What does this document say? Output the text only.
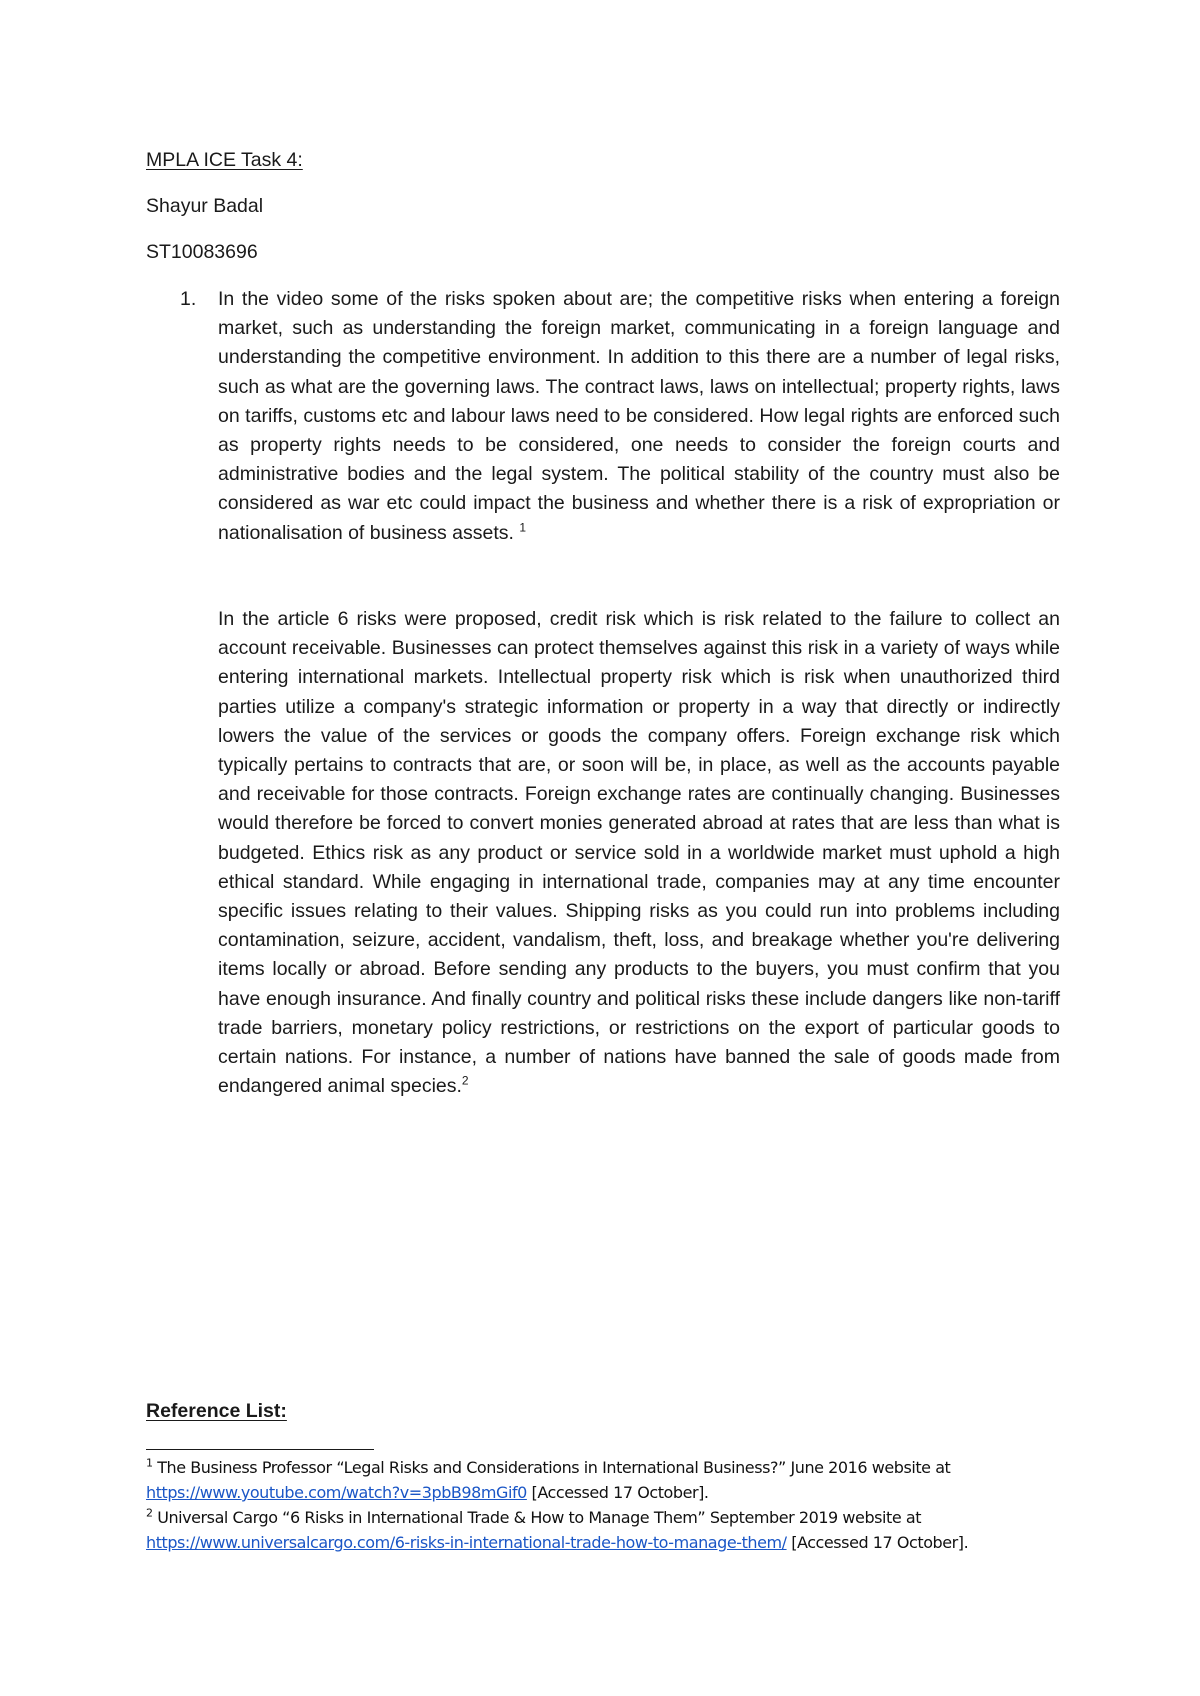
MPLA ICE Task 4:
Shayur Badal
ST10083696
1. In the video some of the risks spoken about are; the competitive risks when entering a foreign market, such as understanding the foreign market, communicating in a foreign language and understanding the competitive environment. In addition to this there are a number of legal risks, such as what are the governing laws. The contract laws, laws on intellectual; property rights, laws on tariffs, customs etc and labour laws need to be considered. How legal rights are enforced such as property rights needs to be considered, one needs to consider the foreign courts and administrative bodies and the legal system. The political stability of the country must also be considered as war etc could impact the business and whether there is a risk of expropriation or nationalisation of business assets. $^1$

In the article 6 risks were proposed, credit risk which is risk related to the failure to collect an account receivable. Businesses can protect themselves against this risk in a variety of ways while entering international markets. Intellectual property risk which is risk when unauthorized third parties utilize a company's strategic information or property in a way that directly or indirectly lowers the value of the services or goods the company offers. Foreign exchange risk which typically pertains to contracts that are, or soon will be, in place, as well as the accounts payable and receivable for those contracts. Foreign exchange rates are continually changing. Businesses would therefore be forced to convert monies generated abroad at rates that are less than what is budgeted. Ethics risk as any product or service sold in a worldwide market must uphold a high ethical standard. While engaging in international trade, companies may at any time encounter specific issues relating to their values. Shipping risks as you could run into problems including contamination, seizure, accident, vandalism, theft, loss, and breakage whether you're delivering items locally or abroad. Before sending any products to the buyers, you must confirm that you have enough insurance. And finally country and political risks these include dangers like non-tariff trade barriers, monetary policy restrictions, or restrictions on the export of particular goods to certain nations. For instance, a number of nations have banned the sale of goods made from endangered animal species.$^2$

Reference List:

$^1$ The Business Professor “Legal Risks and Considerations in International Business?” June 2016 website at https://www.youtube.com/watch?v=3pbB98mGif0 [Accessed 17 October].

$^2$ Universal Cargo “6 Risks in International Trade & How to Manage Them” September 2019 website at https://www.universalcargo.com/6-risks-in-international-trade-how-to-manage-them/ [Accessed 17 October].
